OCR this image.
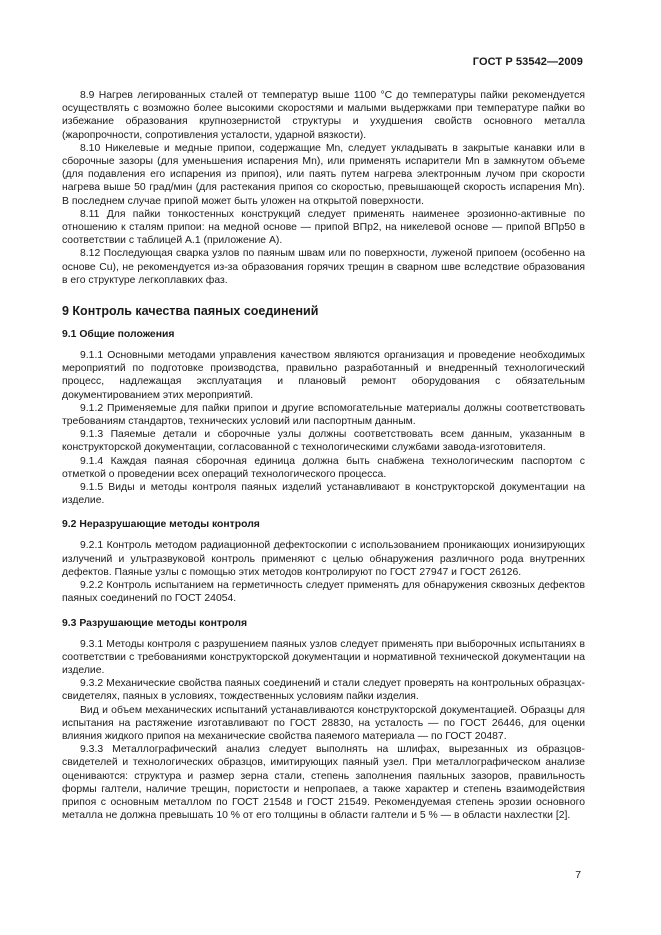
ГОСТ Р 53542—2009

8.9 Нагрев легированных сталей от температур выше 1100 °С до температуры пайки рекомендуется осуществлять с возможно более высокими скоростями и малыми выдержками при температуре пайки во избежание образования крупнозернистой структуры и ухудшения свойств основного металла (жаропрочности, сопротивления усталости, ударной вязкости).

8.10 Никелевые и медные припои, содержащие Mn, следует укладывать в закрытые канавки или в сборочные зазоры (для уменьшения испарения Mn), или применять испарители Mn в замкнутом объеме (для подавления его испарения из припоя), или паять путем нагрева электронным лучом при скорости нагрева выше 50 град/мин (для растекания припоя со скоростью, превышающей скорость испарения Mn). В последнем случае припой может быть уложен на открытой поверхности.

8.11 Для пайки тонкостенных конструкций следует применять наименее эрозионно-активные по отношению к сталям припои: на медной основе — припой ВПр2, на никелевой основе — припой ВПр50 в соответствии с таблицей А.1 (приложение А).

8.12 Последующая сварка узлов по паяным швам или по поверхности, луженой припоем (особенно на основе Cu), не рекомендуется из-за образования горячих трещин в сварном шве вследствие образования в его структуре легкоплавких фаз.

9 Контроль качества паяных соединений
9.1 Общие положения

9.1.1 Основными методами управления качеством являются организация и проведение необходимых мероприятий по подготовке производства, правильно разработанный и внедренный технологический процесс, надлежащая эксплуатация и плановый ремонт оборудования с обязательным документированием этих мероприятий.

9.1.2 Применяемые для пайки припои и другие вспомогательные материалы должны соответствовать требованиям стандартов, технических условий или паспортным данным.

9.1.3 Паяемые детали и сборочные узлы должны соответствовать всем данным, указанным в конструкторской документации, согласованной с технологическими службами завода-изготовителя.

9.1.4 Каждая паяная сборочная единица должна быть снабжена технологическим паспортом с отметкой о проведении всех операций технологического процесса.

9.1.5 Виды и методы контроля паяных изделий устанавливают в конструкторской документации на изделие.

9.2 Неразрушающие методы контроля

9.2.1 Контроль методом радиационной дефектоскопии с использованием проникающих ионизирующих излучений и ультразвуковой контроль применяют с целью обнаружения различного рода внутренних дефектов. Паяные узлы с помощью этих методов контролируют по ГОСТ 27947 и ГОСТ 26126.

9.2.2 Контроль испытанием на герметичность следует применять для обнаружения сквозных дефектов паяных соединений по ГОСТ 24054.

9.3 Разрушающие методы контроля

9.3.1 Методы контроля с разрушением паяных узлов следует применять при выборочных испытаниях в соответствии с требованиями конструкторской документации и нормативной технической документации на изделие.

9.3.2 Механические свойства паяных соединений и стали следует проверять на контрольных образцах-свидетелях, паяных в условиях, тождественных условиям пайки изделия.

Вид и объем механических испытаний устанавливаются конструкторской документацией. Образцы для испытания на растяжение изготавливают по ГОСТ 28830, на усталость — по ГОСТ 26446, для оценки влияния жидкого припоя на механические свойства паяемого материала — по ГОСТ 20487.

9.3.3 Металлографический анализ следует выполнять на шлифах, вырезанных из образцов-свидетелей и технологических образцов, имитирующих паяный узел. При металлографическом анализе оцениваются: структура и размер зерна стали, степень заполнения паяльных зазоров, правильность формы галтели, наличие трещин, пористости и непропаев, а также характер и степень взаимодействия припоя с основным металлом по ГОСТ 21548 и ГОСТ 21549. Рекомендуемая степень эрозии основного металла не должна превышать 10 % от его толщины в области галтели и 5 % — в области нахлестки [2].

7
